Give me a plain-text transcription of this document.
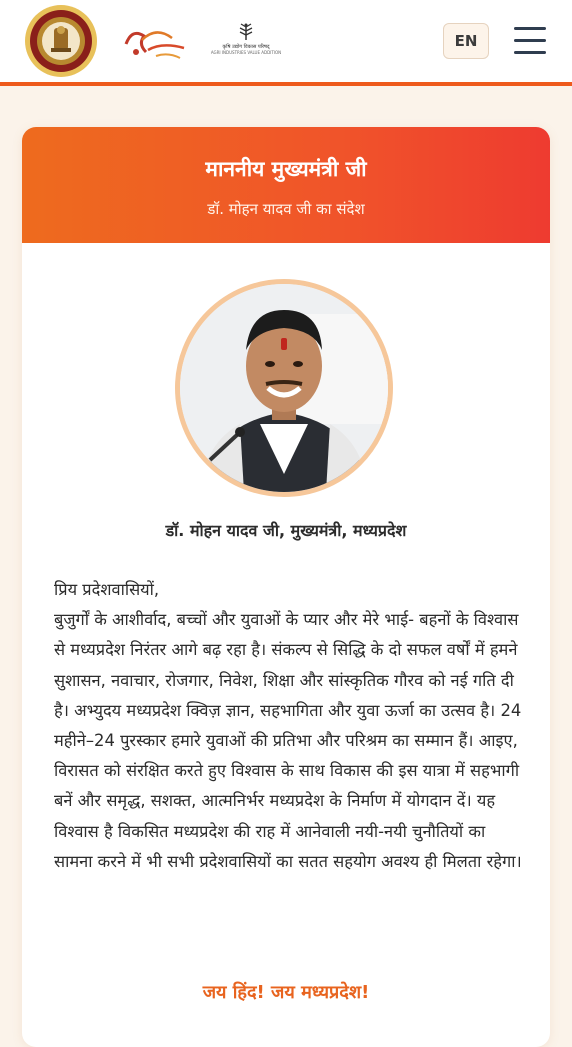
कृषि उद्योग विकास परिषद्
AGRI INDUSTRIES VALUE ADDITION
EN
माननीय मुख्यमंत्री जी
डॉ. मोहन यादव जी का संदेश
डॉ. मोहन यादव जी, मुख्यमंत्री, मध्यप्रदेश

प्रिय प्रदेशवासियों,

बुजुर्गों के आशीर्वाद, बच्चों और युवाओं के प्यार और मेरे भाई- बहनों के विश्वास से मध्यप्रदेश निरंतर आगे बढ़ रहा है। संकल्प से सिद्धि के दो सफल वर्षों में हमने सुशासन, नवाचार, रोजगार, निवेश, शिक्षा और सांस्कृतिक गौरव को नई गति दी है। अभ्युदय मध्यप्रदेश क्विज़ ज्ञान, सहभागिता और युवा ऊर्जा का उत्सव है। 24 महीने–24 पुरस्कार हमारे युवाओं की प्रतिभा और परिश्रम का सम्मान हैं। आइए, विरासत को संरक्षित करते हुए विश्वास के साथ विकास की इस यात्रा में सहभागी बनें और समृद्ध, सशक्त, आत्मनिर्भर मध्यप्रदेश के निर्माण में योगदान दें। यह विश्वास है विकसित मध्यप्रदेश की राह में आनेवाली नयी-नयी चुनौतियों का सामना करने में भी सभी प्रदेशवासियों का सतत सहयोग अवश्य ही मिलता रहेगा।

जय हिंद! जय मध्यप्रदेश!
